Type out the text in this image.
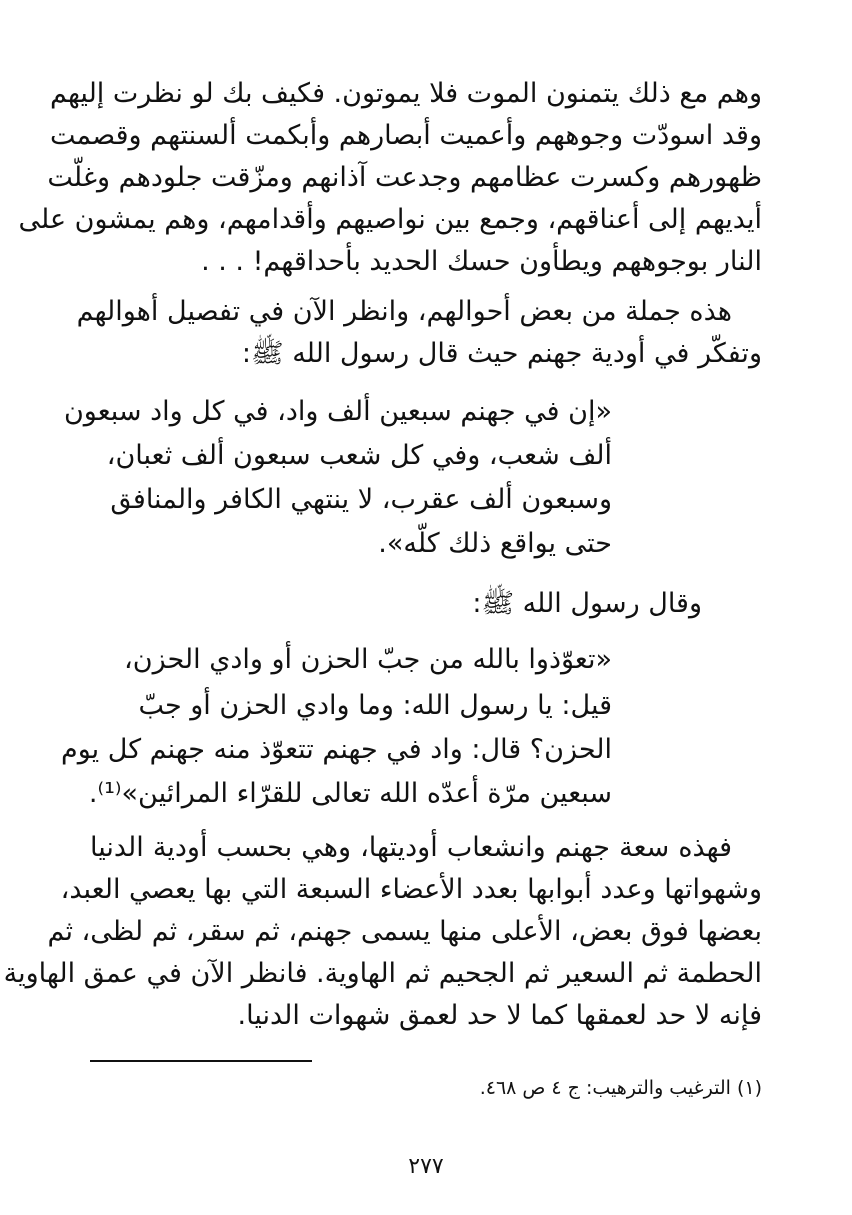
وهم مع ذلك يتمنون الموت فلا يموتون. فكيف بك لو نظرت إليهم
وقد اسودّت وجوههم وأعميت أبصارهم وأبكمت ألسنتهم وقصمت
ظهورهم وكسرت عظامهم وجدعت آذانهم ومزّقت جلودهم وغلّت
أيديهم إلى أعناقهم، وجمع بين نواصيهم وأقدامهم، وهم يمشون على
النار بوجوههم ويطأون حسك الحديد بأحداقهم! . . .
هذه جملة من بعض أحوالهم، وانظر الآن في تفصيل أهوالهم
وتفكّر في أودية جهنم حيث قال رسول الله ﷺ:
«إن في جهنم سبعين ألف واد، في كل واد سبعون
ألف شعب، وفي كل شعب سبعون ألف ثعبان،
وسبعون ألف عقرب، لا ينتهي الكافر والمنافق
حتى يواقع ذلك كلّه».
وقال رسول الله ﷺ:
«تعوّذوا بالله من جبّ الحزن أو وادي الحزن،
قيل: يا رسول الله: وما وادي الحزن أو جبّ
الحزن؟ قال: واد في جهنم تتعوّذ منه جهنم كل يوم
سبعين مرّة أعدّه الله تعالى للقرّاء المرائين»⁽¹⁾.
فهذه سعة جهنم وانشعاب أوديتها، وهي بحسب أودية الدنيا
وشهواتها وعدد أبوابها بعدد الأعضاء السبعة التي بها يعصي العبد،
بعضها فوق بعض، الأعلى منها يسمى جهنم، ثم سقر، ثم لظى، ثم
الحطمة ثم السعير ثم الجحيم ثم الهاوية. فانظر الآن في عمق الهاوية
فإنه لا حد لعمقها كما لا حد لعمق شهوات الدنيا.
(١) الترغيب والترهيب: ج ٤ ص ٤٦٨.
٢٧٧
